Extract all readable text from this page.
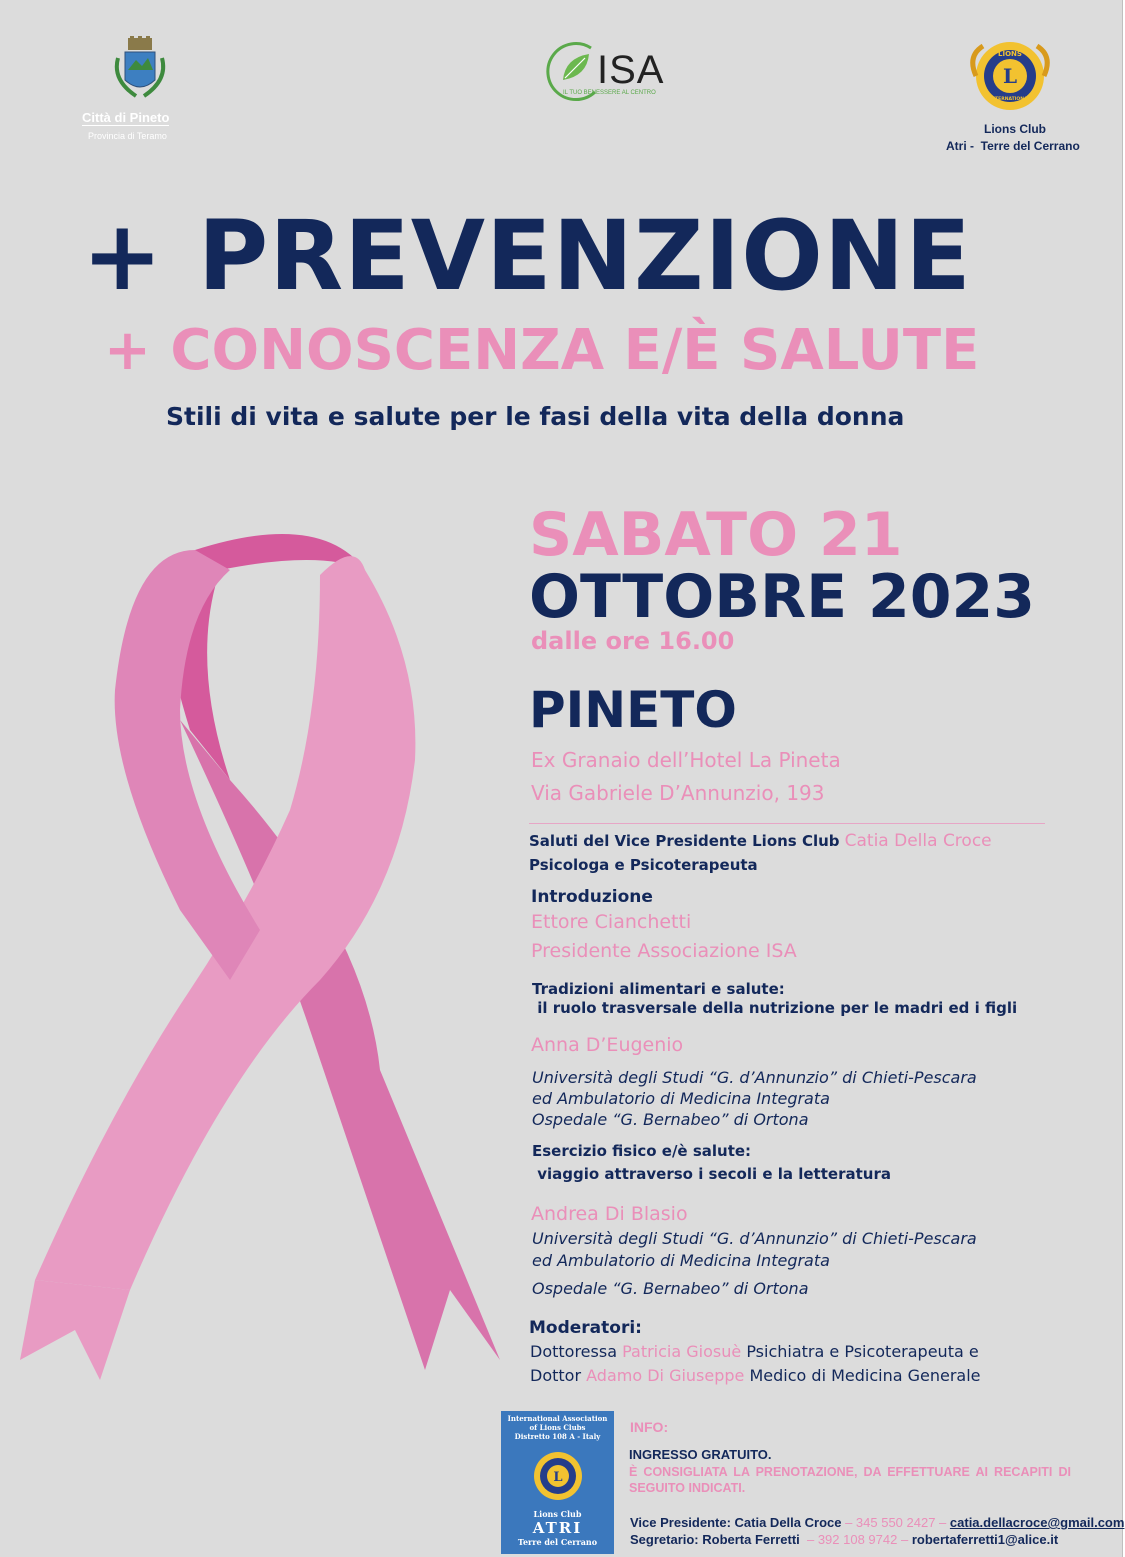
Città di Pineto
Provincia di Teramo
ISA
IL TUO BENESSERE AL CENTRO
L
LIONS
INTERNATIONAL
Lions Club
Atri -  Terre del Cerrano
+ PREVENZIONE
+ CONOSCENZA E/È SALUTE
Stili di vita e salute per le fasi della vita della donna
SABATO 21
OTTOBRE 2023
dalle ore 16.00
PINETO
Ex Granaio dell’Hotel La Pineta
Via Gabriele D’Annunzio, 193
Saluti del Vice Presidente Lions Club Catia Della Croce
Psicologa e Psicoterapeuta
Introduzione
Ettore Cianchetti
Presidente Associazione ISA
Tradizioni alimentari e salute:
il ruolo trasversale della nutrizione per le madri ed i figli
Anna D’Eugenio
Università degli Studi “G. d’Annunzio” di Chieti-Pescara
ed Ambulatorio di Medicina Integrata
Ospedale “G. Bernabeo” di Ortona
Esercizio fisico e/è salute:
viaggio attraverso i secoli e la letteratura
Andrea Di Blasio
Università degli Studi “G. d’Annunzio” di Chieti-Pescara
ed Ambulatorio di Medicina Integrata
Ospedale “G. Bernabeo” di Ortona
Moderatori:
Dottoressa Patricia Giosuè Psichiatra e Psicoterapeuta e
Dottor Adamo Di Giuseppe Medico di Medicina Generale
International Association
of Lions Clubs
Distretto 108 A - Italy
L
Lions Club
ATRI
Terre del Cerrano
INFO:
INGRESSO GRATUITO.
È CONSIGLIATA LA PRENOTAZIONE, DA EFFETTUARE AI RECAPITI DI SEGUITO INDICATI.
Vice Presidente: Catia Della Croce – 345 550 2427 – catia.dellacroce@gmail.com
Segretario: Roberta Ferretti  – 392 108 9742 – robertaferretti1@alice.it
